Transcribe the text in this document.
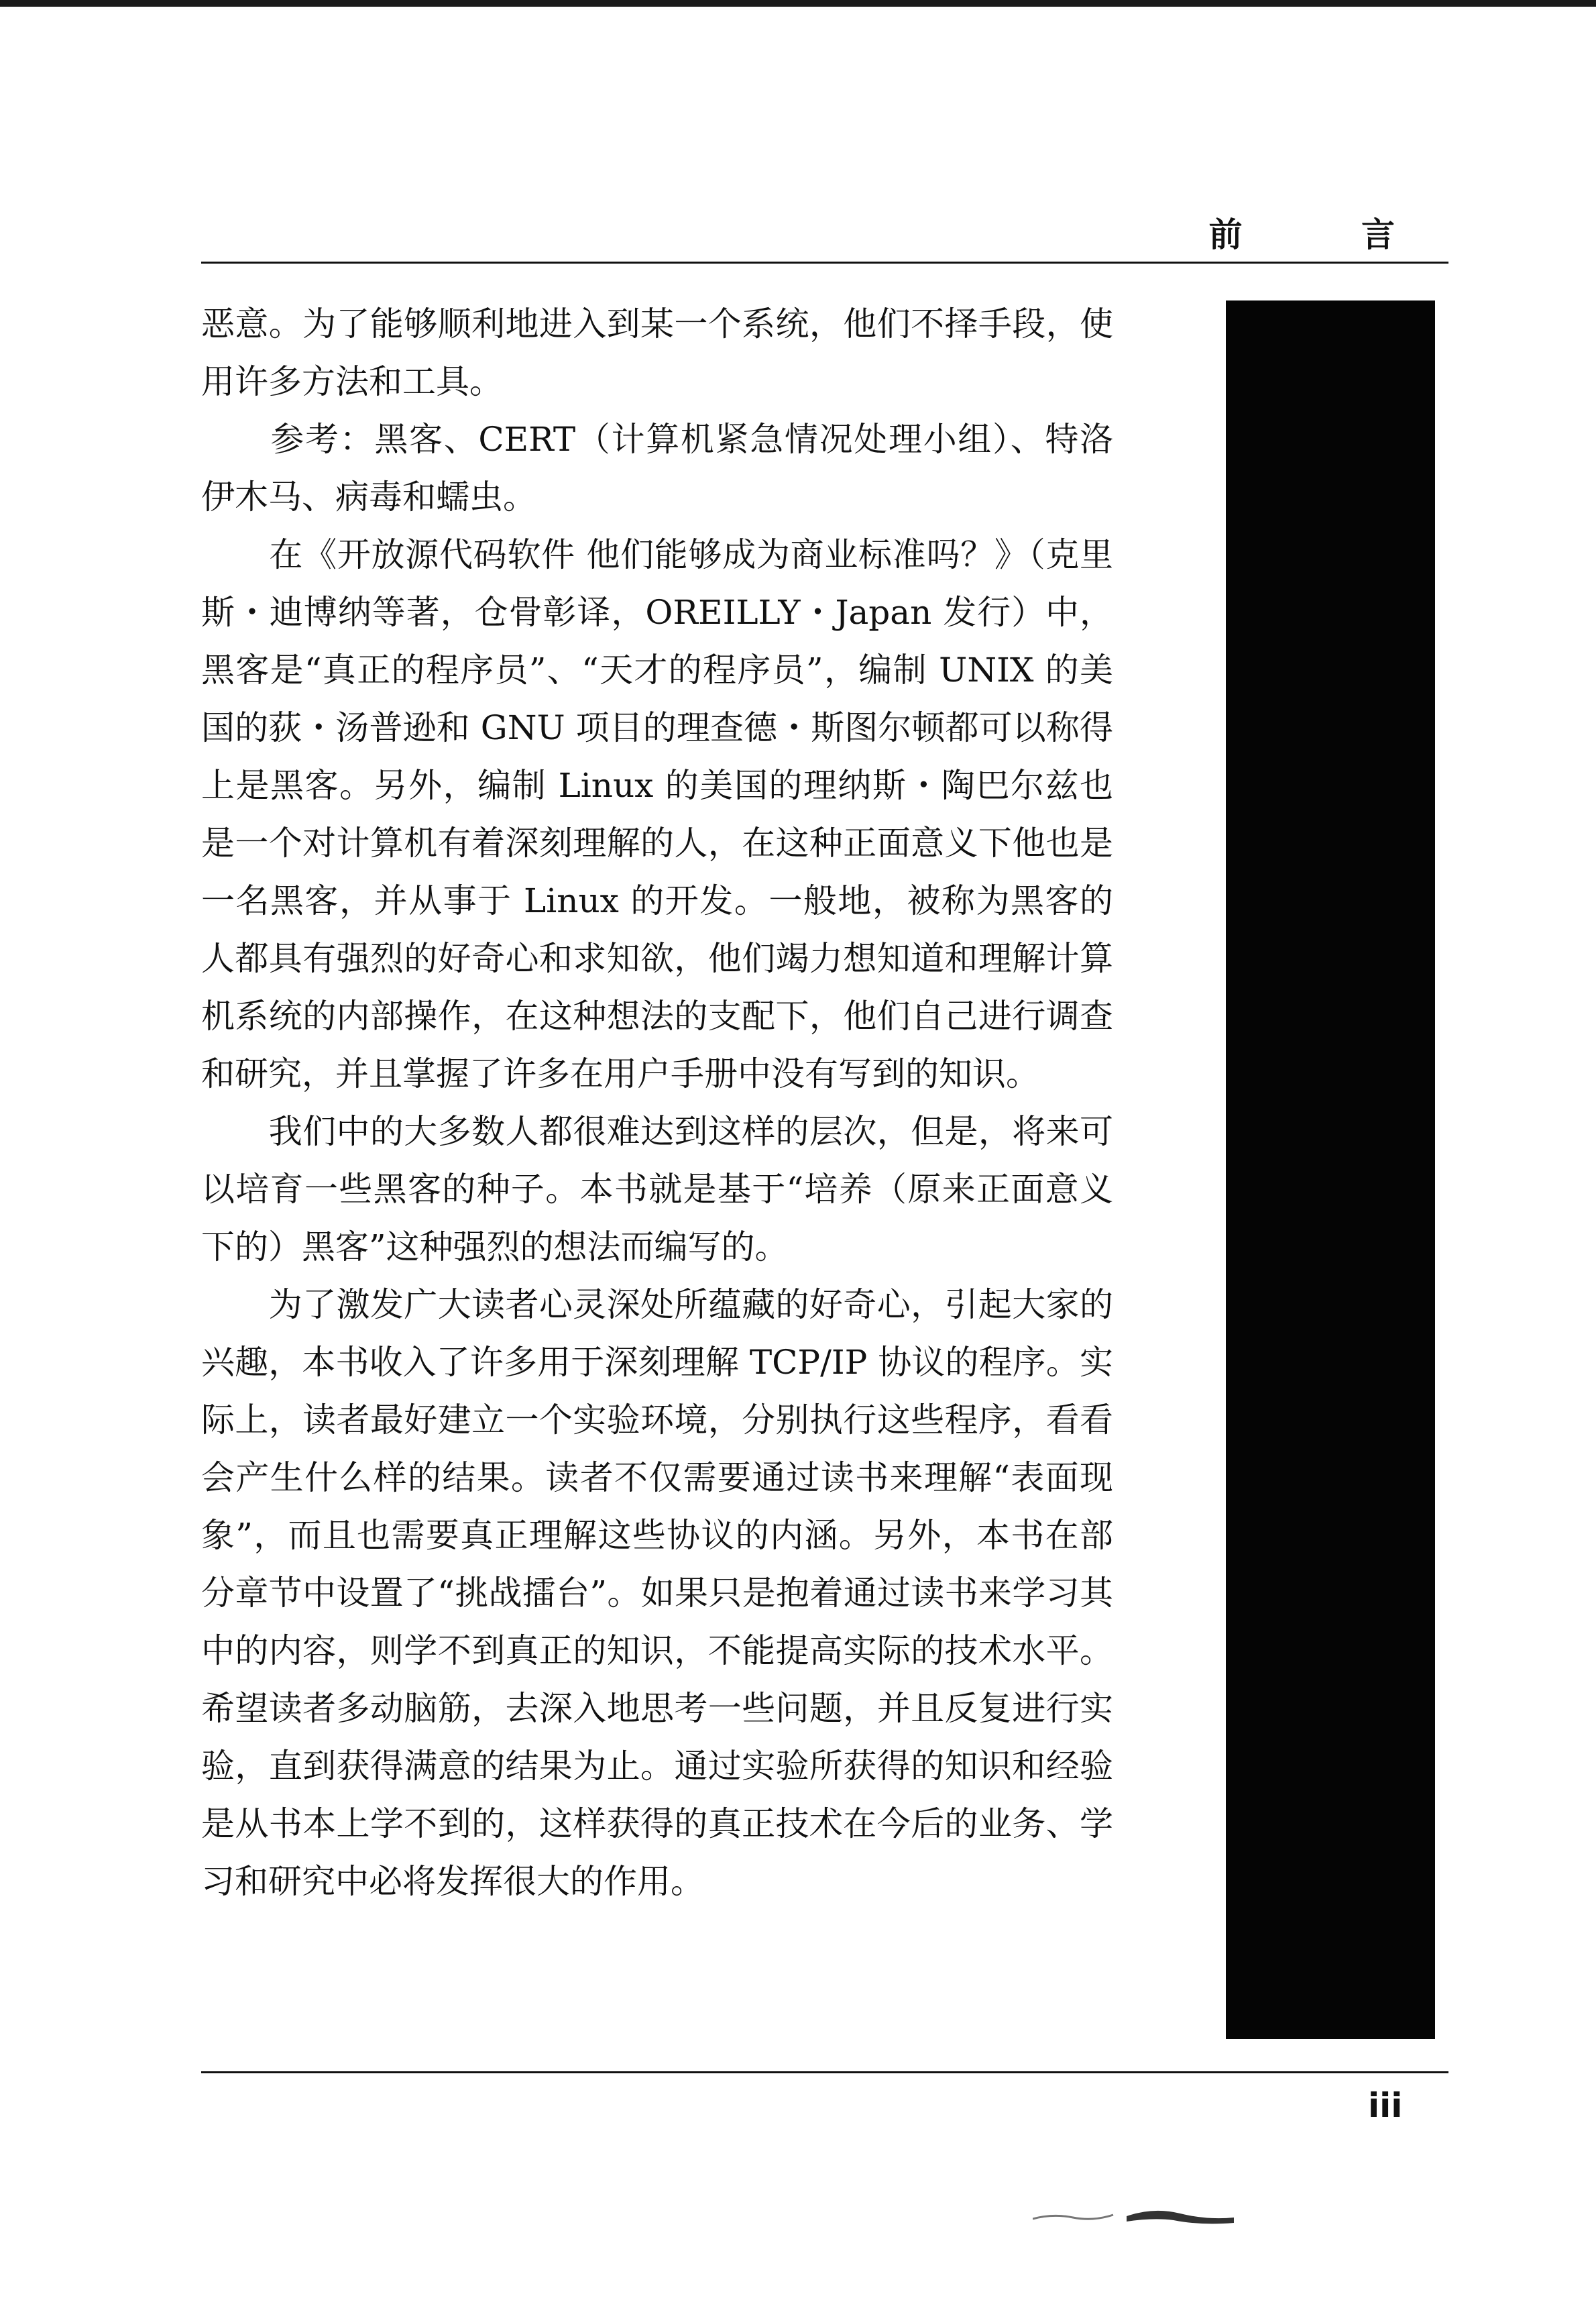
前 言

恶意。为了能够顺利地进入到某一个系统，他们不择手段，使用许多方法和工具。

　　参考：黑客、CERT（计算机紧急情况处理小组）、特洛伊木马、病毒和蠕虫。

　　在《开放源代码软件 他们能够成为商业标准吗？》（克里斯・迪博纳等著，仓骨彰译，OREILLY・Japan 发行）中，黑客是“真正的程序员”、“天才的程序员”，编制 UNIX 的美国的荻・汤普逊和 GNU 项目的理查德・斯图尔顿都可以称得上是黑客。另外，编制 Linux 的美国的理纳斯・陶巴尔兹也是一个对计算机有着深刻理解的人，在这种正面意义下他也是一名黑客，并从事于 Linux 的开发。一般地，被称为黑客的人都具有强烈的好奇心和求知欲，他们竭力想知道和理解计算机系统的内部操作，在这种想法的支配下，他们自己进行调查和研究，并且掌握了许多在用户手册中没有写到的知识。

　　我们中的大多数人都很难达到这样的层次，但是，将来可以培育一些黑客的种子。本书就是基于“培养（原来正面意义下的）黑客”这种强烈的想法而编写的。

　　为了激发广大读者心灵深处所蕴藏的好奇心，引起大家的兴趣，本书收入了许多用于深刻理解 TCP/IP 协议的程序。实际上，读者最好建立一个实验环境，分别执行这些程序，看看会产生什么样的结果。读者不仅需要通过读书来理解“表面现象”，而且也需要真正理解这些协议的内涵。另外，本书在部分章节中设置了“挑战擂台”。如果只是抱着通过读书来学习其中的内容，则学不到真正的知识，不能提高实际的技术水平。希望读者多动脑筋，去深入地思考一些问题，并且反复进行实验，直到获得满意的结果为止。通过实验所获得的知识和经验是从书本上学不到的，这样获得的真正技术在今后的业务、学习和研究中必将发挥很大的作用。

iii
